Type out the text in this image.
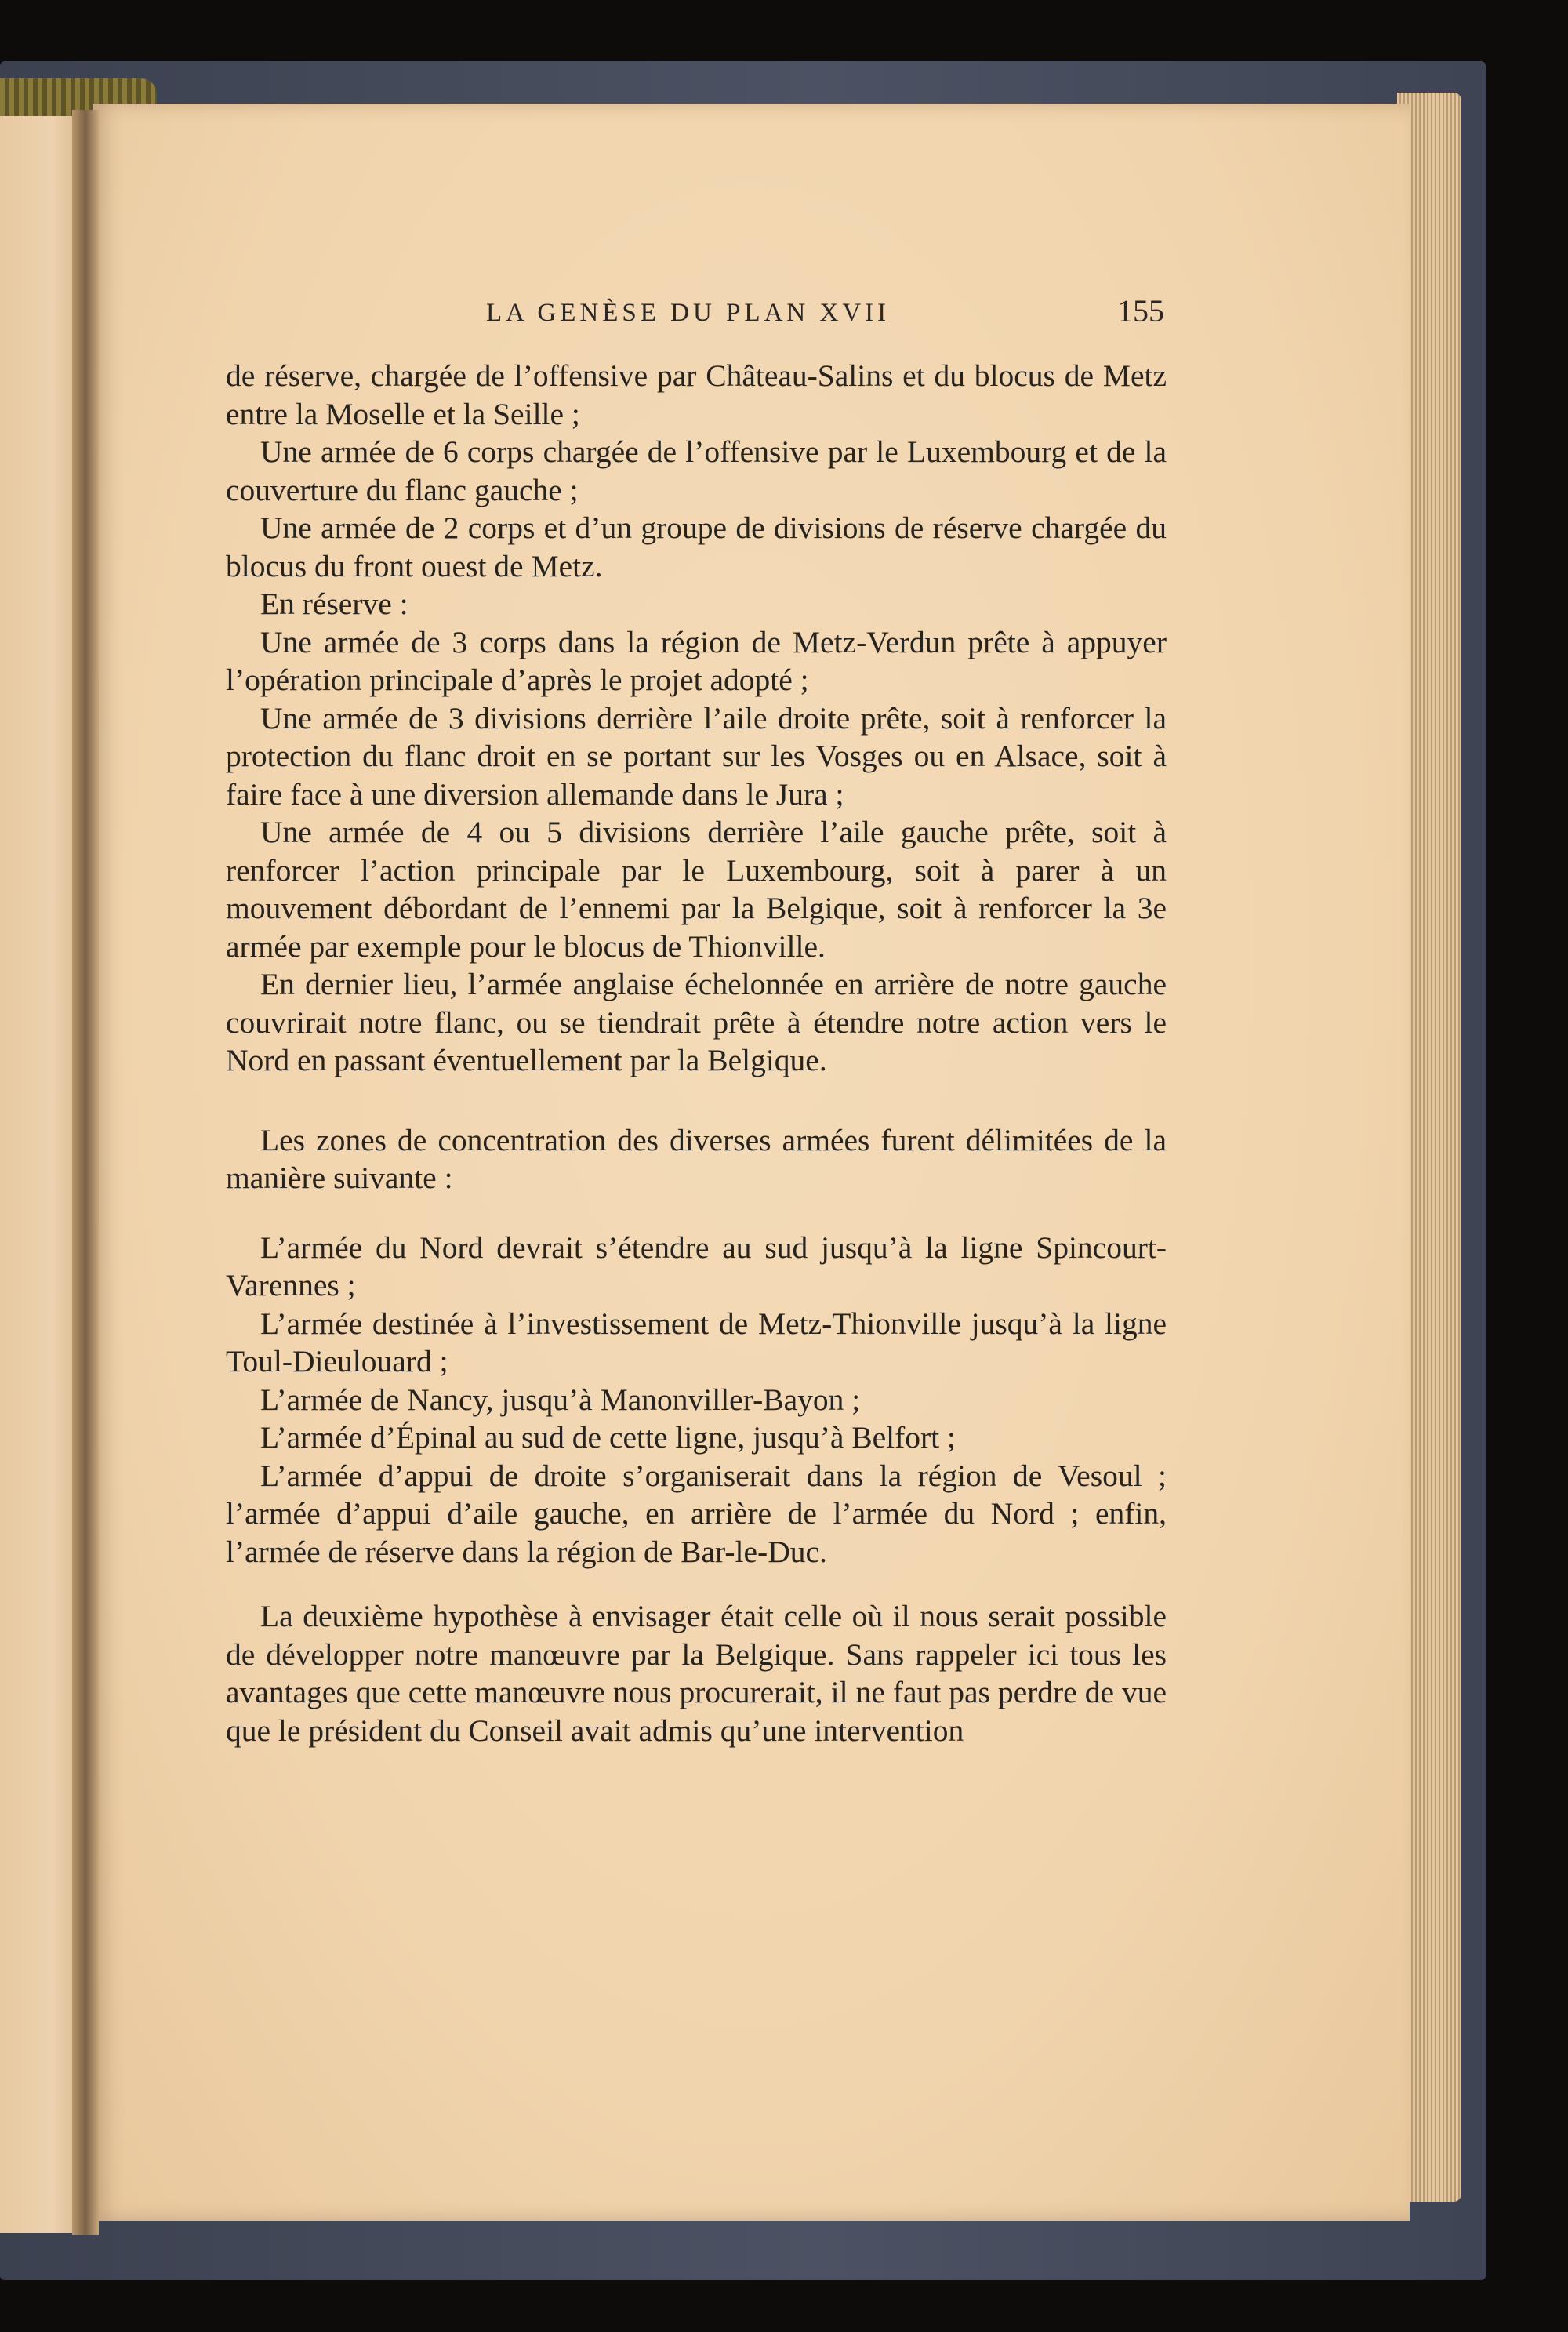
LA GENÈSE DU PLAN XVII	155

de réserve, chargée de l’offensive par Château-Salins et du blocus de Metz entre la Moselle et la Seille ;

Une armée de 6 corps chargée de l’offensive par le Luxembourg et de la couverture du flanc gauche ;

Une armée de 2 corps et d’un groupe de divisions de réserve chargée du blocus du front ouest de Metz.

En réserve :

Une armée de 3 corps dans la région de Metz-Verdun prête à appuyer l’opération principale d’après le projet adopté ;

Une armée de 3 divisions derrière l’aile droite prête, soit à renforcer la protection du flanc droit en se portant sur les Vosges ou en Alsace, soit à faire face à une diversion allemande dans le Jura ;

Une armée de 4 ou 5 divisions derrière l’aile gauche prête, soit à renforcer l’action principale par le Luxembourg, soit à parer à un mouvement débordant de l’ennemi par la Belgique, soit à renforcer la 3e armée par exemple pour le blocus de Thionville.

En dernier lieu, l’armée anglaise échelonnée en arrière de notre gauche couvrirait notre flanc, ou se tiendrait prête à étendre notre action vers le Nord en passant éventuellement par la Belgique.

Les zones de concentration des diverses armées furent délimitées de la manière suivante :

L’armée du Nord devrait s’étendre au sud jusqu’à la ligne Spincourt-Varennes ;

L’armée destinée à l’investissement de Metz-Thionville jusqu’à la ligne Toul-Dieulouard ;

L’armée de Nancy, jusqu’à Manonviller-Bayon ;

L’armée d’Épinal au sud de cette ligne, jusqu’à Belfort ;

L’armée d’appui de droite s’organiserait dans la région de Vesoul ; l’armée d’appui d’aile gauche, en arrière de l’armée du Nord ; enfin, l’armée de réserve dans la région de Bar-le-Duc.

La deuxième hypothèse à envisager était celle où il nous serait possible de développer notre manœuvre par la Belgique. Sans rappeler ici tous les avantages que cette manœuvre nous procurerait, il ne faut pas perdre de vue que le président du Conseil avait admis qu’une intervention
